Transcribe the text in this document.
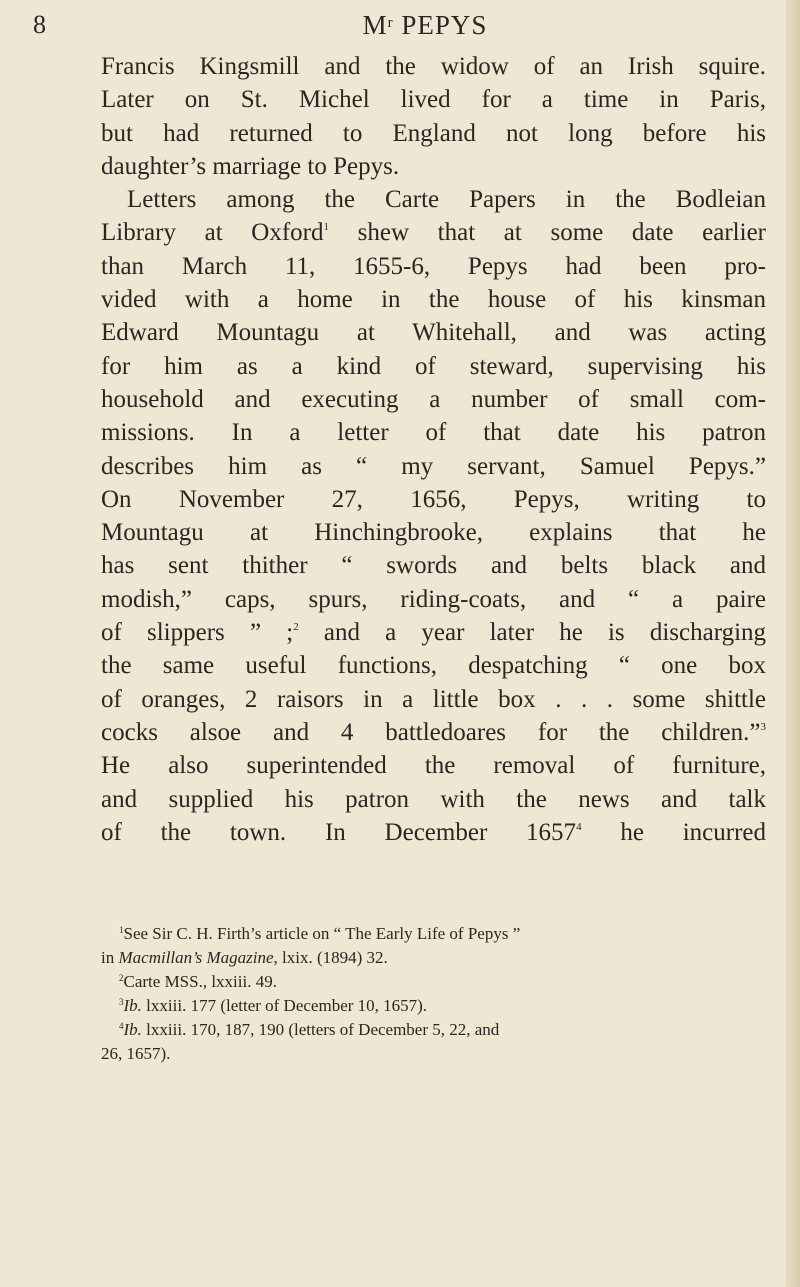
8	$M^r$ PEPYS
Francis Kingsmill and the widow of an Irish squire.
Later on St. Michel lived for a time in Paris,
but had returned to England not long before his
daughter’s marriage to Pepys.
Letters among the Carte Papers in the Bodleian
Library at Oxford$^1$ shew that at some date earlier
than March 11, 1655-6, Pepys had been pro-
vided with a home in the house of his kinsman
Edward Mountagu at Whitehall, and was acting
for him as a kind of steward, supervising his
household and executing a number of small com-
missions. In a letter of that date his patron
describes him as “ my servant, Samuel Pepys.”
On November 27, 1656, Pepys, writing to
Mountagu at Hinchingbrooke, explains that he
has sent thither “ swords and belts black and
modish,” caps, spurs, riding-coats, and “ a paire
of slippers ” ;$^2$ and a year later he is discharging
the same useful functions, despatching “ one box
of oranges, 2 raisors in a little box . . . some shittle
cocks alsoe and 4 battledoares for the children.”$^3$
He also superintended the removal of furniture,
and supplied his patron with the news and talk
of the town. In December 1657$^4$ he incurred
$^1$See Sir C. H. Firth’s article on “ The Early Life of Pepys ”
in Macmillan’s Magazine, lxix. (1894) 32.
$^2$Carte MSS., lxxiii. 49.
$^3$Ib. lxxiii. 177 (letter of December 10, 1657).
$^4$Ib. lxxiii. 170, 187, 190 (letters of December 5, 22, and
26, 1657).
